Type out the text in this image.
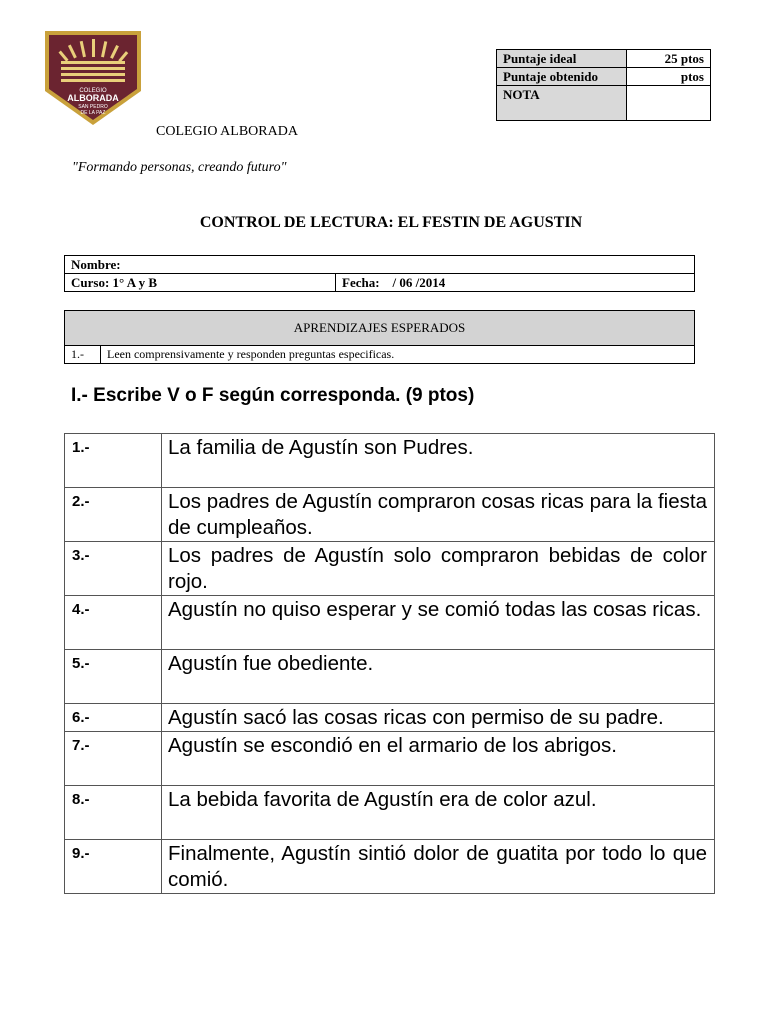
COLEGIO
ALBORADA
SAN PEDRO
DE LA PAZ
Puntaje ideal	25 ptos
Puntaje obtenido	ptos
NOTA	
COLEGIO ALBORADA
"Formando personas, creando futuro"
CONTROL DE LECTURA: EL FESTIN DE AGUSTIN
Nombre:
Curso: 1° A y B	Fecha: / 06 /2014
APRENDIZAJES ESPERADOS
1.-	Leen comprensivamente y responden preguntas especificas.
I.- Escribe V o F según corresponda. (9 ptos)
1.-	La familia de Agustín son Pudres.
2.-	Los padres de Agustín compraron cosas ricas para la fiesta de cumpleaños.
3.-	Los padres de Agustín solo compraron bebidas de color rojo.
4.-	Agustín no quiso esperar y se comió todas las cosas ricas.
5.-	Agustín fue obediente.
6.-	Agustín sacó las cosas ricas con permiso de su padre.
7.-	Agustín se escondió en el armario de los abrigos.
8.-	La bebida favorita de Agustín era de color azul.
9.-	Finalmente, Agustín sintió dolor de guatita por todo lo que comió.
